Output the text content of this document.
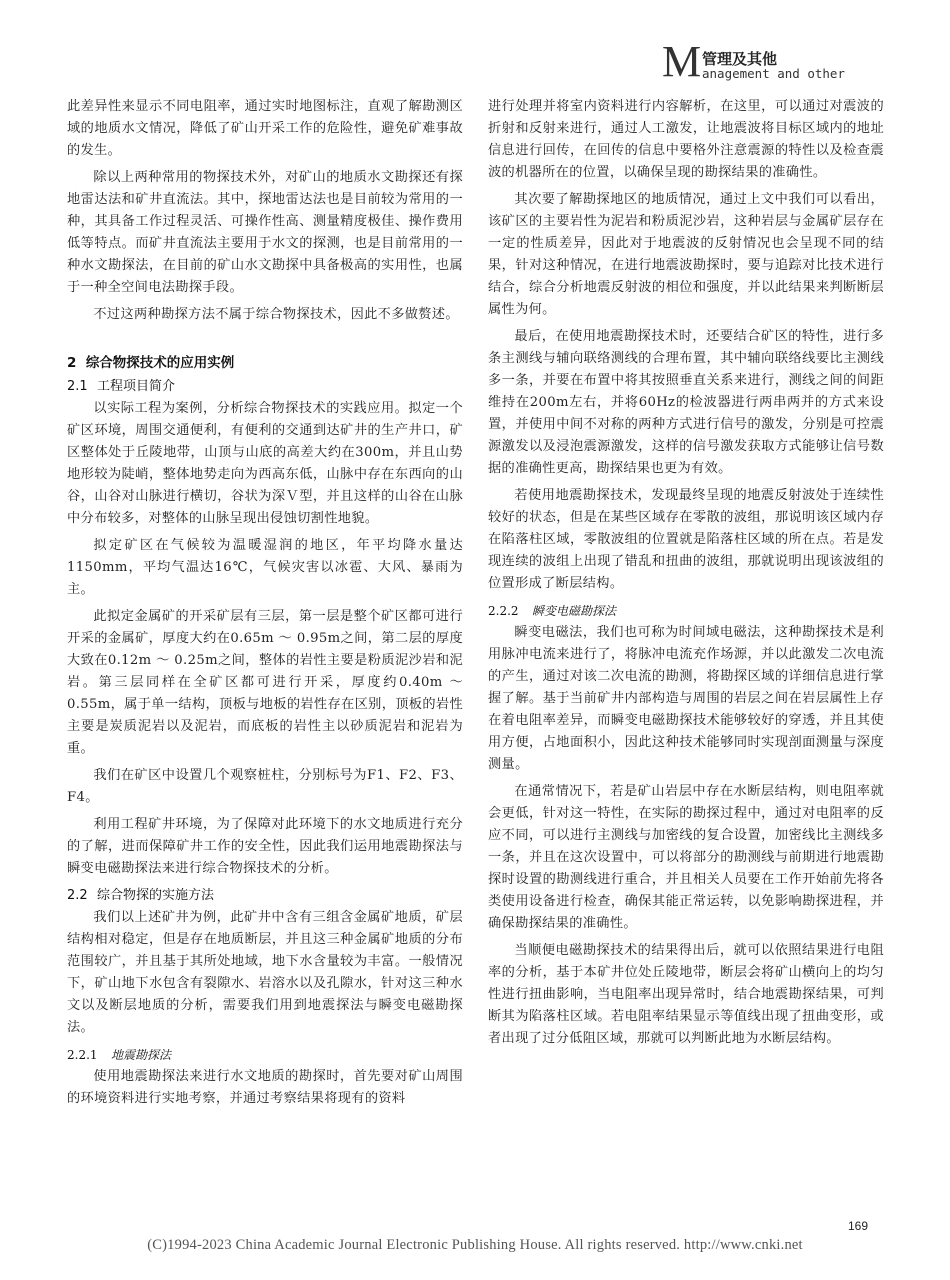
M 管理及其他
anagement and other

此差异性来显示不同电阻率，通过实时地图标注，直观了解勘测区域的地质水文情况，降低了矿山开采工作的危险性，避免矿难事故的发生。

除以上两种常用的物探技术外，对矿山的地质水文勘探还有探地雷达法和矿井直流法。其中，探地雷达法也是目前较为常用的一种，其具备工作过程灵活、可操作性高、测量精度极佳、操作费用低等特点。而矿井直流法主要用于水文的探测，也是目前常用的一种水文勘探法，在目前的矿山水文勘探中具备极高的实用性，也属于一种全空间电法勘探手段。

不过这两种勘探方法不属于综合物探技术，因此不多做赘述。

2 综合物探技术的应用实例
2.1 工程项目简介

以实际工程为案例，分析综合物探技术的实践应用。拟定一个矿区环境，周围交通便利，有便利的交通到达矿井的生产井口，矿区整体处于丘陵地带，山顶与山底的高差大约在300m，并且山势地形较为陡峭，整体地势走向为西高东低，山脉中存在东西向的山谷，山谷对山脉进行横切，谷状为深Ｖ型，并且这样的山谷在山脉中分布较多，对整体的山脉呈现出侵蚀切割性地貌。

拟定矿区在气候较为温暖湿润的地区，年平均降水量达1150mm，平均气温达16℃，气候灾害以冰雹、大风、暴雨为主。

此拟定金属矿的开采矿层有三层，第一层是整个矿区都可进行开采的金属矿，厚度大约在0.65m ～ 0.95m之间，第二层的厚度大致在0.12m ～ 0.25m之间，整体的岩性主要是粉质泥沙岩和泥岩。第三层同样在全矿区都可进行开采，厚度约0.40m ～ 0.55m，属于单一结构，顶板与地板的岩性存在区别，顶板的岩性主要是炭质泥岩以及泥岩，而底板的岩性主以砂质泥岩和泥岩为重。

我们在矿区中设置几个观察桩柱，分别标号为F1、F2、F3、F4。

利用工程矿井环境，为了保障对此环境下的水文地质进行充分的了解，进而保障矿井工作的安全性，因此我们运用地震勘探法与瞬变电磁勘探法来进行综合物探技术的分析。

2.2 综合物探的实施方法

我们以上述矿井为例，此矿井中含有三组含金属矿地质，矿层结构相对稳定，但是存在地质断层，并且这三种金属矿地质的分布范围较广，并且基于其所处地域，地下水含量较为丰富。一般情况下，矿山地下水包含有裂隙水、岩溶水以及孔隙水，针对这三种水文以及断层地质的分析，需要我们用到地震探法与瞬变电磁勘探法。

2.2.1 地震勘探法

使用地震勘探法来进行水文地质的勘探时，首先要对矿山周围的环境资料进行实地考察，并通过考察结果将现有的资料

进行处理并将室内资料进行内容解析，在这里，可以通过对震波的折射和反射来进行，通过人工激发，让地震波将目标区域内的地址信息进行回传，在回传的信息中要格外注意震源的特性以及检查震波的机器所在的位置，以确保呈现的勘探结果的准确性。

其次要了解勘探地区的地质情况，通过上文中我们可以看出，该矿区的主要岩性为泥岩和粉质泥沙岩，这种岩层与金属矿层存在一定的性质差异，因此对于地震波的反射情况也会呈现不同的结果，针对这种情况，在进行地震波勘探时，要与追踪对比技术进行结合，综合分析地震反射波的相位和强度，并以此结果来判断断层属性为何。

最后，在使用地震勘探技术时，还要结合矿区的特性，进行多条主测线与辅向联络测线的合理布置，其中辅向联络线要比主测线多一条，并要在布置中将其按照垂直关系来进行，测线之间的间距维持在200m左右，并将60Hz的检波器进行两串两并的方式来设置，并使用中间不对称的两种方式进行信号的激发，分别是可控震源激发以及浸泡震源激发，这样的信号激发获取方式能够让信号数据的准确性更高，勘探结果也更为有效。

若使用地震勘探技术，发现最终呈现的地震反射波处于连续性较好的状态，但是在某些区域存在零散的波组，那说明该区域内存在陷落柱区域，零散波组的位置就是陷落柱区域的所在点。若是发现连续的波组上出现了错乱和扭曲的波组，那就说明出现该波组的位置形成了断层结构。

2.2.2 瞬变电磁勘探法

瞬变电磁法，我们也可称为时间域电磁法，这种勘探技术是利用脉冲电流来进行了，将脉冲电流充作场源，并以此激发二次电流的产生，通过对该二次电流的勘测，将勘探区域的详细信息进行掌握了解。基于当前矿井内部构造与周围的岩层之间在岩层属性上存在着电阻率差异，而瞬变电磁勘探技术能够较好的穿透，并且其使用方便，占地面积小，因此这种技术能够同时实现剖面测量与深度测量。

在通常情况下，若是矿山岩层中存在水断层结构，则电阻率就会更低，针对这一特性，在实际的勘探过程中，通过对电阻率的反应不同，可以进行主测线与加密线的复合设置，加密线比主测线多一条，并且在这次设置中，可以将部分的勘测线与前期进行地震勘探时设置的勘测线进行重合，并且相关人员要在工作开始前先将各类使用设备进行检查，确保其能正常运转，以免影响勘探进程，并确保勘探结果的准确性。

当顺便电磁勘探技术的结果得出后，就可以依照结果进行电阻率的分析，基于本矿井位处丘陵地带，断层会将矿山横向上的均匀性进行扭曲影响，当电阻率出现异常时，结合地震勘探结果，可判断其为陷落柱区域。若电阻率结果显示等值线出现了扭曲变形，或者出现了过分低阻区域，那就可以判断此地为水断层结构。

169
(C)1994-2023 China Academic Journal Electronic Publishing House. All rights reserved. http://www.cnki.net
